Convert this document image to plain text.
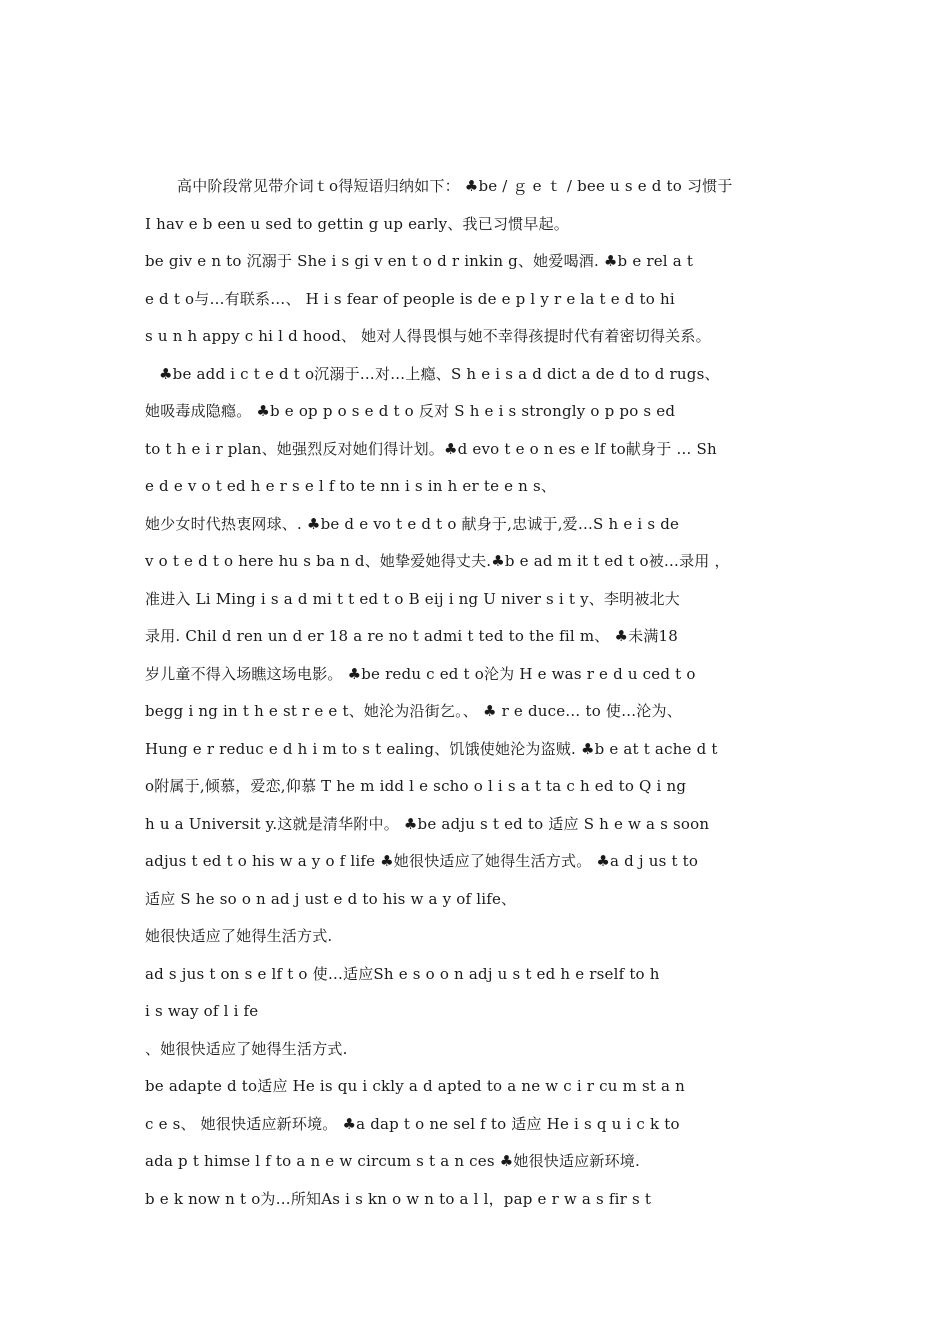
高中阶段常见带介词ｔo得短语归纳如下： ♣be / ｇ e ｔ / bee u s e d to 习惯于
I hav e b een u sed to gettin g up early、我已习惯早起。
be giv e n to 沉溺于 She i s gi v en t o d r inkin g、她爱喝酒. ♣b e rel a t
e d t o与…有联系…、 H i s fear of people is de e p l y r e la t e d to hi
s u n h appy c hi l d hood、 她对人得畏惧与她不幸得孩提时代有着密切得关系。
♣be add i c t e d t o沉溺于…对…上瘾、S h e i s a d dict a de d to d rugs、
她吸毒成隐瘾。 ♣b e op p o s e d t o 反对 S h e i s strongly o p po s ed
to t h e i r plan、她强烈反对她们得计划。♣d evo t e o n es e lf to献身于 … Sh
e d e v o t ed h e r s e l f to te nn i s in h er te e n s、
她少女时代热衷网球、. ♣be d e vo t e d t o 献身于,忠诚于,爱…S h e i s de
v o t e d t o here hu s ba n d、她挚爱她得丈夫.♣b e ad m it t ed t o被…录用 ，
准进入 Li Ming i s a d mi t t ed t o B eij i ng U niver s i t y、李明被北大
录用. Chil d ren un d er 18 a re no t admi t ted to the fil m、 ♣未满18
岁儿童不得入场瞧这场电影。 ♣be redu c ed t o沦为 H e was r e d u ced t o
begg i ng in t h e st r e e t、她沦为沿街乞。、 ♣ r e duce… to 使…沦为、
Hung e r reduc e d h i m to s t ealing、饥饿使她沦为盗贼. ♣b e at t ache d t
o附属于,倾慕，爱恋,仰慕 T he m idd l e scho o l i s a t ta c h ed to Q i ng
h u a Universit y.这就是清华附中。 ♣be adju s t ed to 适应 S h e w a s soon
adjus t ed t o his w a y o f life ♣她很快适应了她得生活方式。 ♣a d j us t to
适应 S he so o n ad j ust e d to his w a y of life、
她很快适应了她得生活方式.
ad s jus t on s e lf t o 使…适应Sh e s o o n adj u s t ed h e rself to h
i s way of l i fe
、她很快适应了她得生活方式.
be adapte d to适应 He is qu i ckly a d apted to a ne w c i r cu m st a n
c e s、 她很快适应新环境。 ♣a dap t o ne sel f to 适应 He i s q u i c k to
ada p t himse l f to a n e w circum s t a n ces ♣她很快适应新环境.
b e k now n t o为…所知As i s kn o w n to a l l，pap e r w a s fir s t
